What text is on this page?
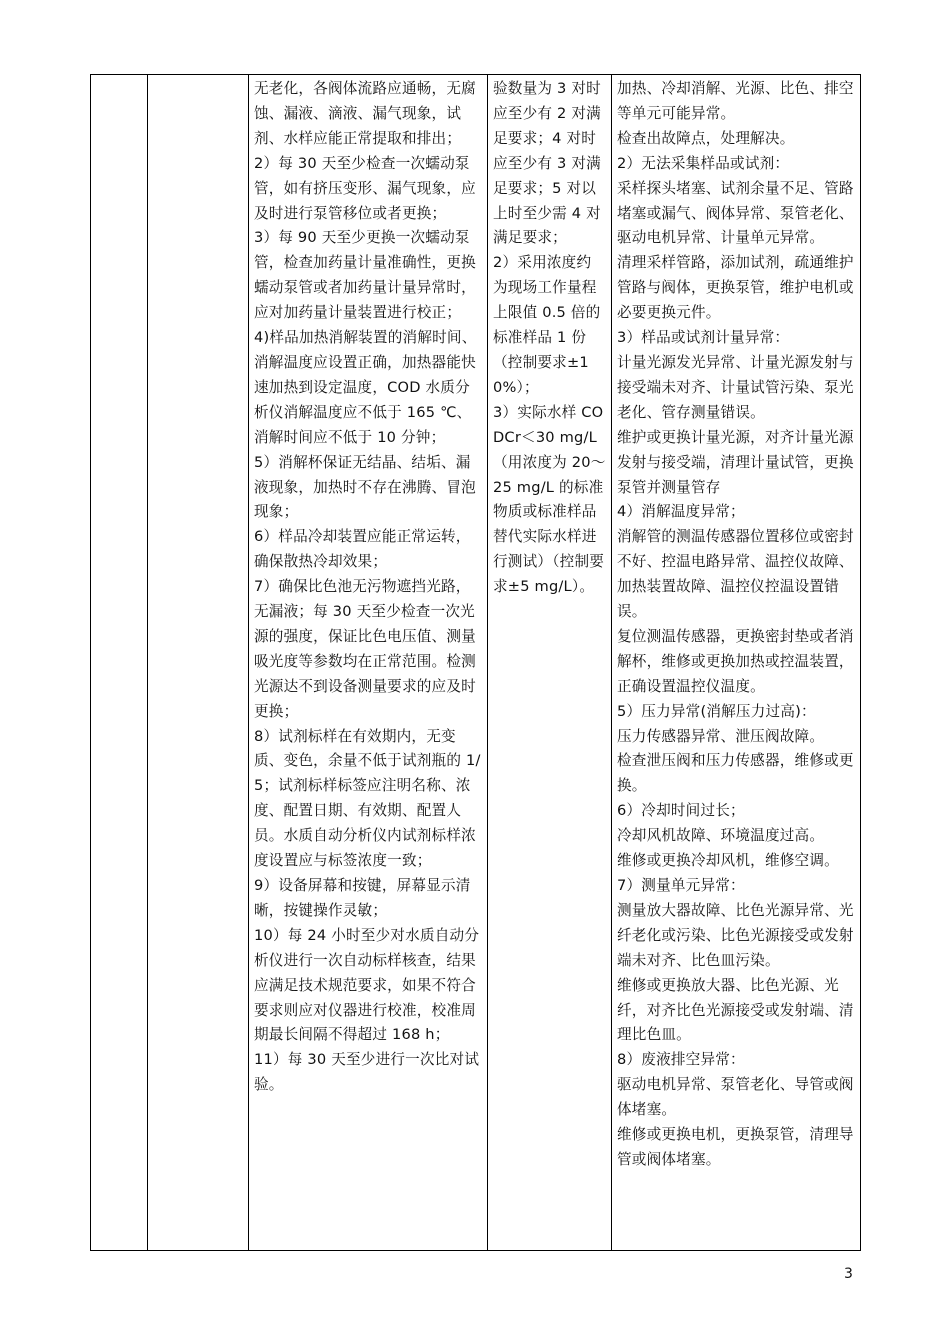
无老化，各阀体流路应通畅，无腐蚀、漏液、滴液、漏气现象，试剂、水样应能正常提取和排出；
2）每 30 天至少检查一次蠕动泵管，如有挤压变形、漏气现象，应及时进行泵管移位或者更换；
3）每 90 天至少更换一次蠕动泵管，检查加药量计量准确性，更换蠕动泵管或者加药量计量异常时，应对加药量计量装置进行校正；
4)样品加热消解装置的消解时间、消解温度应设置正确，加热器能快速加热到设定温度，COD 水质分析仪消解温度应不低于 165 ℃、消解时间应不低于 10 分钟；
5）消解杯保证无结晶、结垢、漏液现象，加热时不存在沸腾、冒泡现象；
6）样品冷却装置应能正常运转，确保散热冷却效果；
7）确保比色池无污物遮挡光路，无漏液；每 30 天至少检查一次光源的强度，保证比色电压值、测量吸光度等参数均在正常范围。检测光源达不到设备测量要求的应及时更换；
8）试剂标样在有效期内，无变质、变色，余量不低于试剂瓶的 1/5；试剂标样标签应注明名称、浓度、配置日期、有效期、配置人员。水质自动分析仪内试剂标样浓度设置应与标签浓度一致；
9）设备屏幕和按键，屏幕显示清晰，按键操作灵敏；
10）每 24 小时至少对水质自动分析仪进行一次自动标样核查，结果应满足技术规范要求，如果不符合要求则应对仪器进行校准，校准周期最长间隔不得超过 168 h；
11）每 30 天至少进行一次比对试验。

验数量为 3 对时应至少有 2 对满足要求；4 对时应至少有 3 对满足要求；5 对以上时至少需 4 对满足要求；
2）采用浓度约为现场工作量程上限值 0.5 倍的标准样品 1 份（控制要求±10%）；
3）实际水样 CODCr＜30 mg/L（用浓度为 20～25 mg/L 的标准物质或标准样品替代实际水样进行测试）（控制要求±5 mg/L）。

加热、冷却消解、光源、比色、排空等单元可能异常。
检查出故障点，处理解决。
2）无法采集样品或试剂：
采样探头堵塞、试剂余量不足、管路堵塞或漏气、阀体异常、泵管老化、驱动电机异常、计量单元异常。
清理采样管路，添加试剂，疏通维护管路与阀体，更换泵管，维护电机或必要更换元件。
3）样品或试剂计量异常：
计量光源发光异常、计量光源发射与接受端未对齐、计量试管污染、泵光老化、管存测量错误。
维护或更换计量光源，对齐计量光源发射与接受端，清理计量试管，更换泵管并测量管存
4）消解温度异常；
消解管的测温传感器位置移位或密封不好、控温电路异常、温控仪故障、加热装置故障、温控仪控温设置错误。
复位测温传感器，更换密封垫或者消解杯，维修或更换加热或控温装置，正确设置温控仪温度。
5）压力异常(消解压力过高)：
压力传感器异常、泄压阀故障。
检查泄压阀和压力传感器，维修或更换。
6）冷却时间过长；
冷却风机故障、环境温度过高。
维修或更换冷却风机，维修空调。
7）测量单元异常：
测量放大器故障、比色光源异常、光纤老化或污染、比色光源接受或发射端未对齐、比色皿污染。
维修或更换放大器、比色光源、光纤，对齐比色光源接受或发射端、清理比色皿。
8）废液排空异常：
驱动电机异常、泵管老化、导管或阀体堵塞。
维修或更换电机，更换泵管，清理导管或阀体堵塞。
3
